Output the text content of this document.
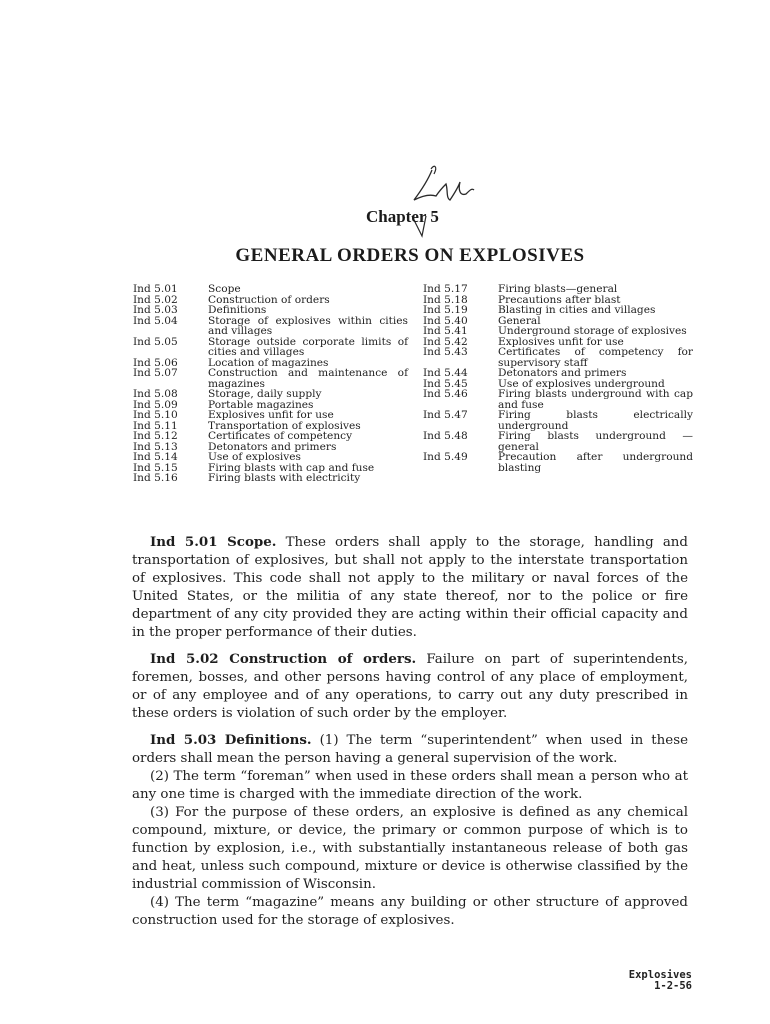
Chapter 5
GENERAL ORDERS ON EXPLOSIVES
Ind 5.01	Scope
Ind 5.02	Construction of orders
Ind 5.03	Definitions
Ind 5.04	Storage of explosives within cities and villages
Ind 5.05	Storage outside corporate limits of cities and villages
Ind 5.06	Location of magazines
Ind 5.07	Construction and maintenance of magazines
Ind 5.08	Storage, daily supply
Ind 5.09	Portable magazines
Ind 5.10	Explosives unfit for use
Ind 5.11	Transportation of explosives
Ind 5.12	Certificates of competency
Ind 5.13	Detonators and primers
Ind 5.14	Use of explosives
Ind 5.15	Firing blasts with cap and fuse
Ind 5.16	Firing blasts with electricity
Ind 5.17	Firing blasts—general
Ind 5.18	Precautions after blast
Ind 5.19	Blasting in cities and villages
Ind 5.40	General
Ind 5.41	Underground storage of explosives
Ind 5.42	Explosives unfit for use
Ind 5.43	Certificates of competency for supervisory staff
Ind 5.44	Detonators and primers
Ind 5.45	Use of explosives underground
Ind 5.46	Firing blasts underground with cap and fuse
Ind 5.47	Firing blasts electrically underground
Ind 5.48	Firing blasts underground —general
Ind 5.49	Precaution after underground blasting

Ind 5.01 Scope. These orders shall apply to the storage, handling and transportation of explosives, but shall not apply to the interstate transportation of explosives. This code shall not apply to the military or naval forces of the United States, or the militia of any state thereof, nor to the police or fire department of any city provided they are acting within their official capacity and in the proper performance of their duties.

Ind 5.02 Construction of orders. Failure on part of superintendents, foremen, bosses, and other persons having control of any place of employment, or of any employee and of any operations, to carry out any duty prescribed in these orders is violation of such order by the employer.

Ind 5.03 Definitions. (1) The term “superintendent” when used in these orders shall mean the person having a general supervision of the work.

(2) The term “foreman” when used in these orders shall mean a person who at any one time is charged with the immediate direction of the work.

(3) For the purpose of these orders, an explosive is defined as any chemical compound, mixture, or device, the primary or common purpose of which is to function by explosion, i.e., with substantially instantaneous release of both gas and heat, unless such compound, mixture or device is otherwise classified by the industrial commission of Wisconsin.

(4) The term “magazine” means any building or other structure of approved construction used for the storage of explosives.

Explosives
1-2-56
